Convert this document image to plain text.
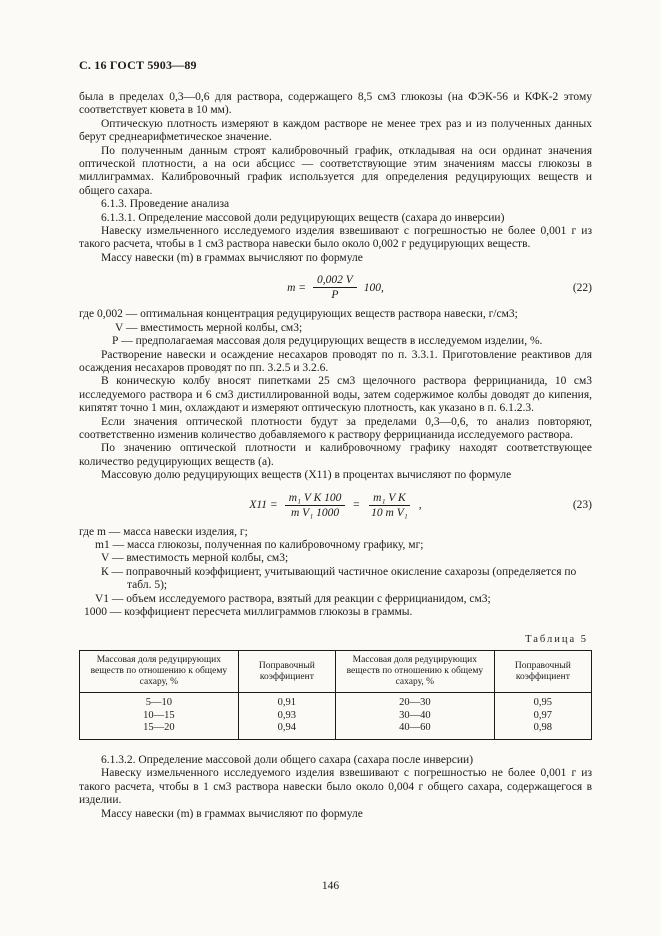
С. 16 ГОСТ 5903—89

была в пределах 0,3—0,6 для раствора, содержащего 8,5 см3 глюкозы (на ФЭК-56 и КФК-2 этому соответствует кювета в 10 мм).

Оптическую плотность измеряют в каждом растворе не менее трех раз и из полученных данных берут среднеарифметическое значение.

По полученным данным строят калибровочный график, откладывая на оси ординат значения оптической плотности, а на оси абсцисс — соответствующие этим значениям массы глюкозы в миллиграммах. Калибровочный график используется для определения редуцирующих веществ и общего сахара.

6.1.3. Проведение анализа

6.1.3.1. Определение массовой доли редуцирующих веществ (сахара до инверсии)

Навеску измельченного исследуемого изделия взвешивают с погрешностью не более 0,001 г из такого расчета, чтобы в 1 см3 раствора навески было около 0,002 г редуцирующих веществ.

Массу навески (m) в граммах вычисляют по формуле

$m = \frac{0,002 V}{P} 100$,	(22)
где 0,002 — оптимальная концентрация редуцирующих веществ раствора навески, г/см3;
V — вместимость мерной колбы, см3;
Р — предполагаемая массовая доля редуцирующих веществ в исследуемом изделии, %.

Растворение навески и осаждение несахаров проводят по п. 3.3.1. Приготовление реактивов для осаждения несахаров проводят по пп. 3.2.5 и 3.2.6.

В коническую колбу вносят пипетками 25 см3 щелочного раствора феррицианида, 10 см3 исследуемого раствора и 6 см3 дистиллированной воды, затем содержимое колбы доводят до кипения, кипятят точно 1 мин, охлаждают и измеряют оптическую плотность, как указано в п. 6.1.2.3.

Если значения оптической плотности будут за пределами 0,3—0,6, то анализ повторяют, соответственно изменив количество добавляемого к раствору феррицианида исследуемого раствора.

По значению оптической плотности и калибровочному графику находят соответствующее количество редуцирующих веществ (а).

Массовую долю редуцирующих веществ (Х11) в процентах вычисляют по формуле

$Х11 = \frac{\text{m₁ V K 100}}{\text{m V₁ 1000}} = \frac{\text{m₁ V K}}{\text{10 m V₁}}$ ,	(23)
где m — масса навески изделия, г;
m1 — масса глюкозы, полученная по калибровочному графику, мг;
V — вместимость мерной колбы, см3;
К — поправочный коэффициент, учитывающий частичное окисление сахарозы (определяется по
табл. 5);
V1 — объем исследуемого раствора, взятый для реакции с феррицианидом, см3;
1000 — коэффициент пересчета миллиграммов глюкозы в граммы.
Таблица 5
Массовая доля редуцирующих веществ по отношению к общему сахару, %	Поправочный коэффициент	Массовая доля редуцирующих веществ по отношению к общему сахару, %	Поправочный коэффициент
5—10	0,91	20—30	0,95
10—15	0,93	30—40	0,97
15—20	0,94	40—60	0,98

6.1.3.2. Определение массовой доли общего сахара (сахара после инверсии)

Навеску измельченного исследуемого изделия взвешивают с погрешностью не более 0,001 г из такого расчета, чтобы в 1 см3 раствора навески было около 0,004 г общего сахара, содержащегося в изделии.

Массу навески (m) в граммах вычисляют по формуле

146
